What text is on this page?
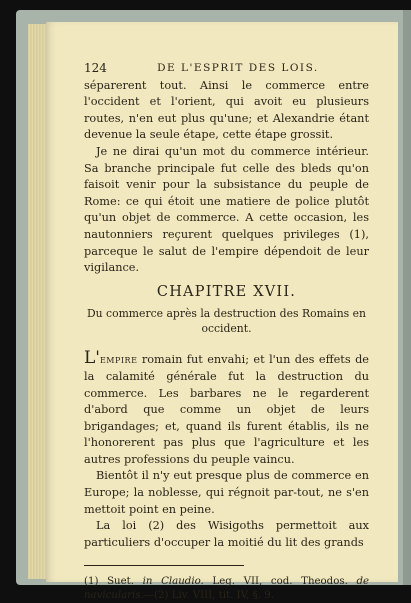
124	DE L'ESPRIT DES LOIS.

séparerent tout. Ainsi le commerce entre l'occident et l'orient, qui avoit eu plusieurs routes, n'en eut plus qu'une; et Alexandrie étant devenue la seule étape, cette étape grossit.

Je ne dirai qu'un mot du commerce intérieur. Sa branche principale fut celle des bleds qu'on faisoit venir pour la subsistance du peuple de Rome: ce qui étoit une matiere de police plutôt qu'un objet de commerce. A cette occasion, les nautonniers reçurent quelques privileges (1), parceque le salut de l'empire dépendoit de leur vigilance.

CHAPITRE XVII.
Du commerce après la destruction des Romains en
occident.

L'empire romain fut envahi; et l'un des effets de la calamité générale fut la destruction du commerce. Les barbares ne le regarderent d'abord que comme un objet de leurs brigandages; et, quand ils furent établis, ils ne l'honorerent pas plus que l'agriculture et les autres professions du peuple vaincu.

Bientôt il n'y eut presque plus de commerce en Europe; la noblesse, qui régnoit par-tout, ne s'en mettoit point en peine.

La loi (2) des Wisigoths permettoit aux particuliers d'occuper la moitié du lit des grands

(1) Suet. in Claudio. Leg. VII, cod. Theodos. de navicularis.—(2) Liv. VIII, tit. IV, §. 9.
